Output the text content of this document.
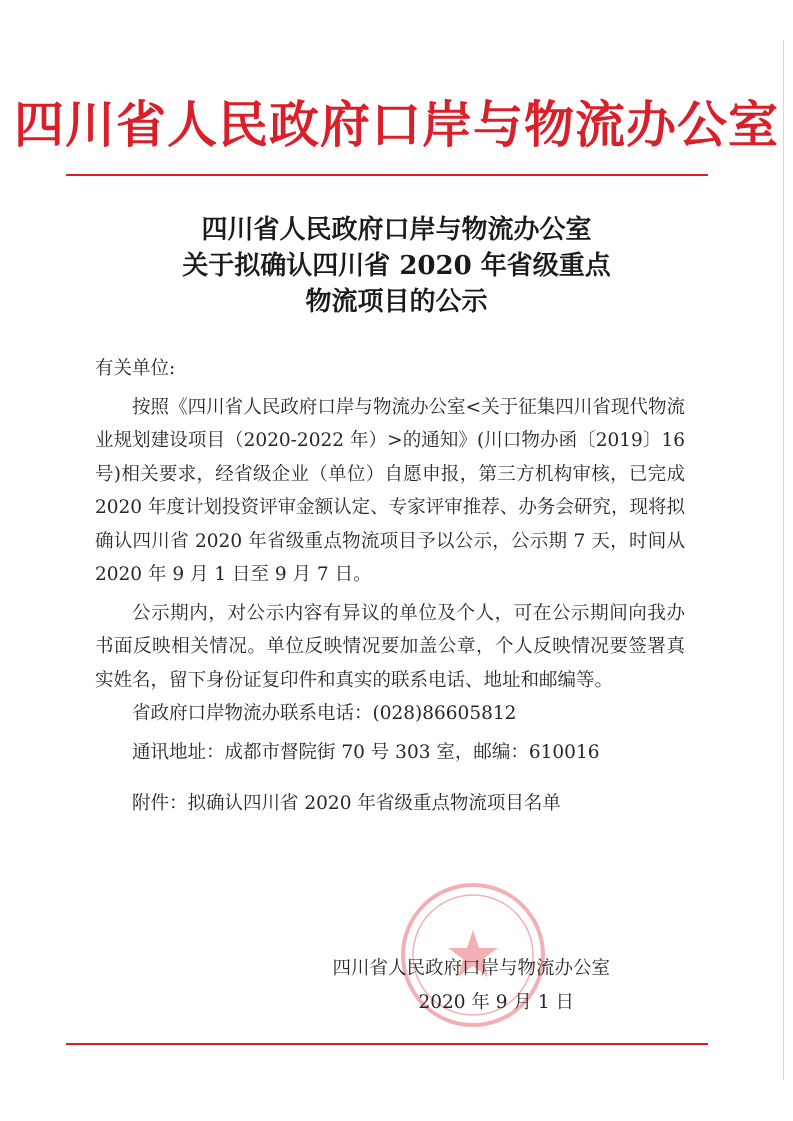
四川省人民政府口岸与物流办公室
四川省人民政府口岸与物流办公室
关于拟确认四川省 2020 年省级重点
物流项目的公示

有关单位:

按照《四川省人民政府口岸与物流办公室<关于征集四川省现代物流业规划建设项目（2020-2022 年）>的通知》(川口物办函〔2019〕16 号)相关要求，经省级企业（单位）自愿申报，第三方机构审核，已完成 2020 年度计划投资评审金额认定、专家评审推荐、办务会研究，现将拟确认四川省 2020 年省级重点物流项目予以公示，公示期 7 天，时间从 2020 年 9 月 1 日至 9 月 7 日。

公示期内，对公示内容有异议的单位及个人，可在公示期间向我办书面反映相关情况。单位反映情况要加盖公章，个人反映情况要签署真实姓名，留下身份证复印件和真实的联系电话、地址和邮编等。

省政府口岸物流办联系电话：(028)86605812

通讯地址：成都市督院街 70 号 303 室，邮编：610016

附件：拟确认四川省 2020 年省级重点物流项目名单

四川省人民政府口岸与物流办公室
2020 年 9 月 1 日
